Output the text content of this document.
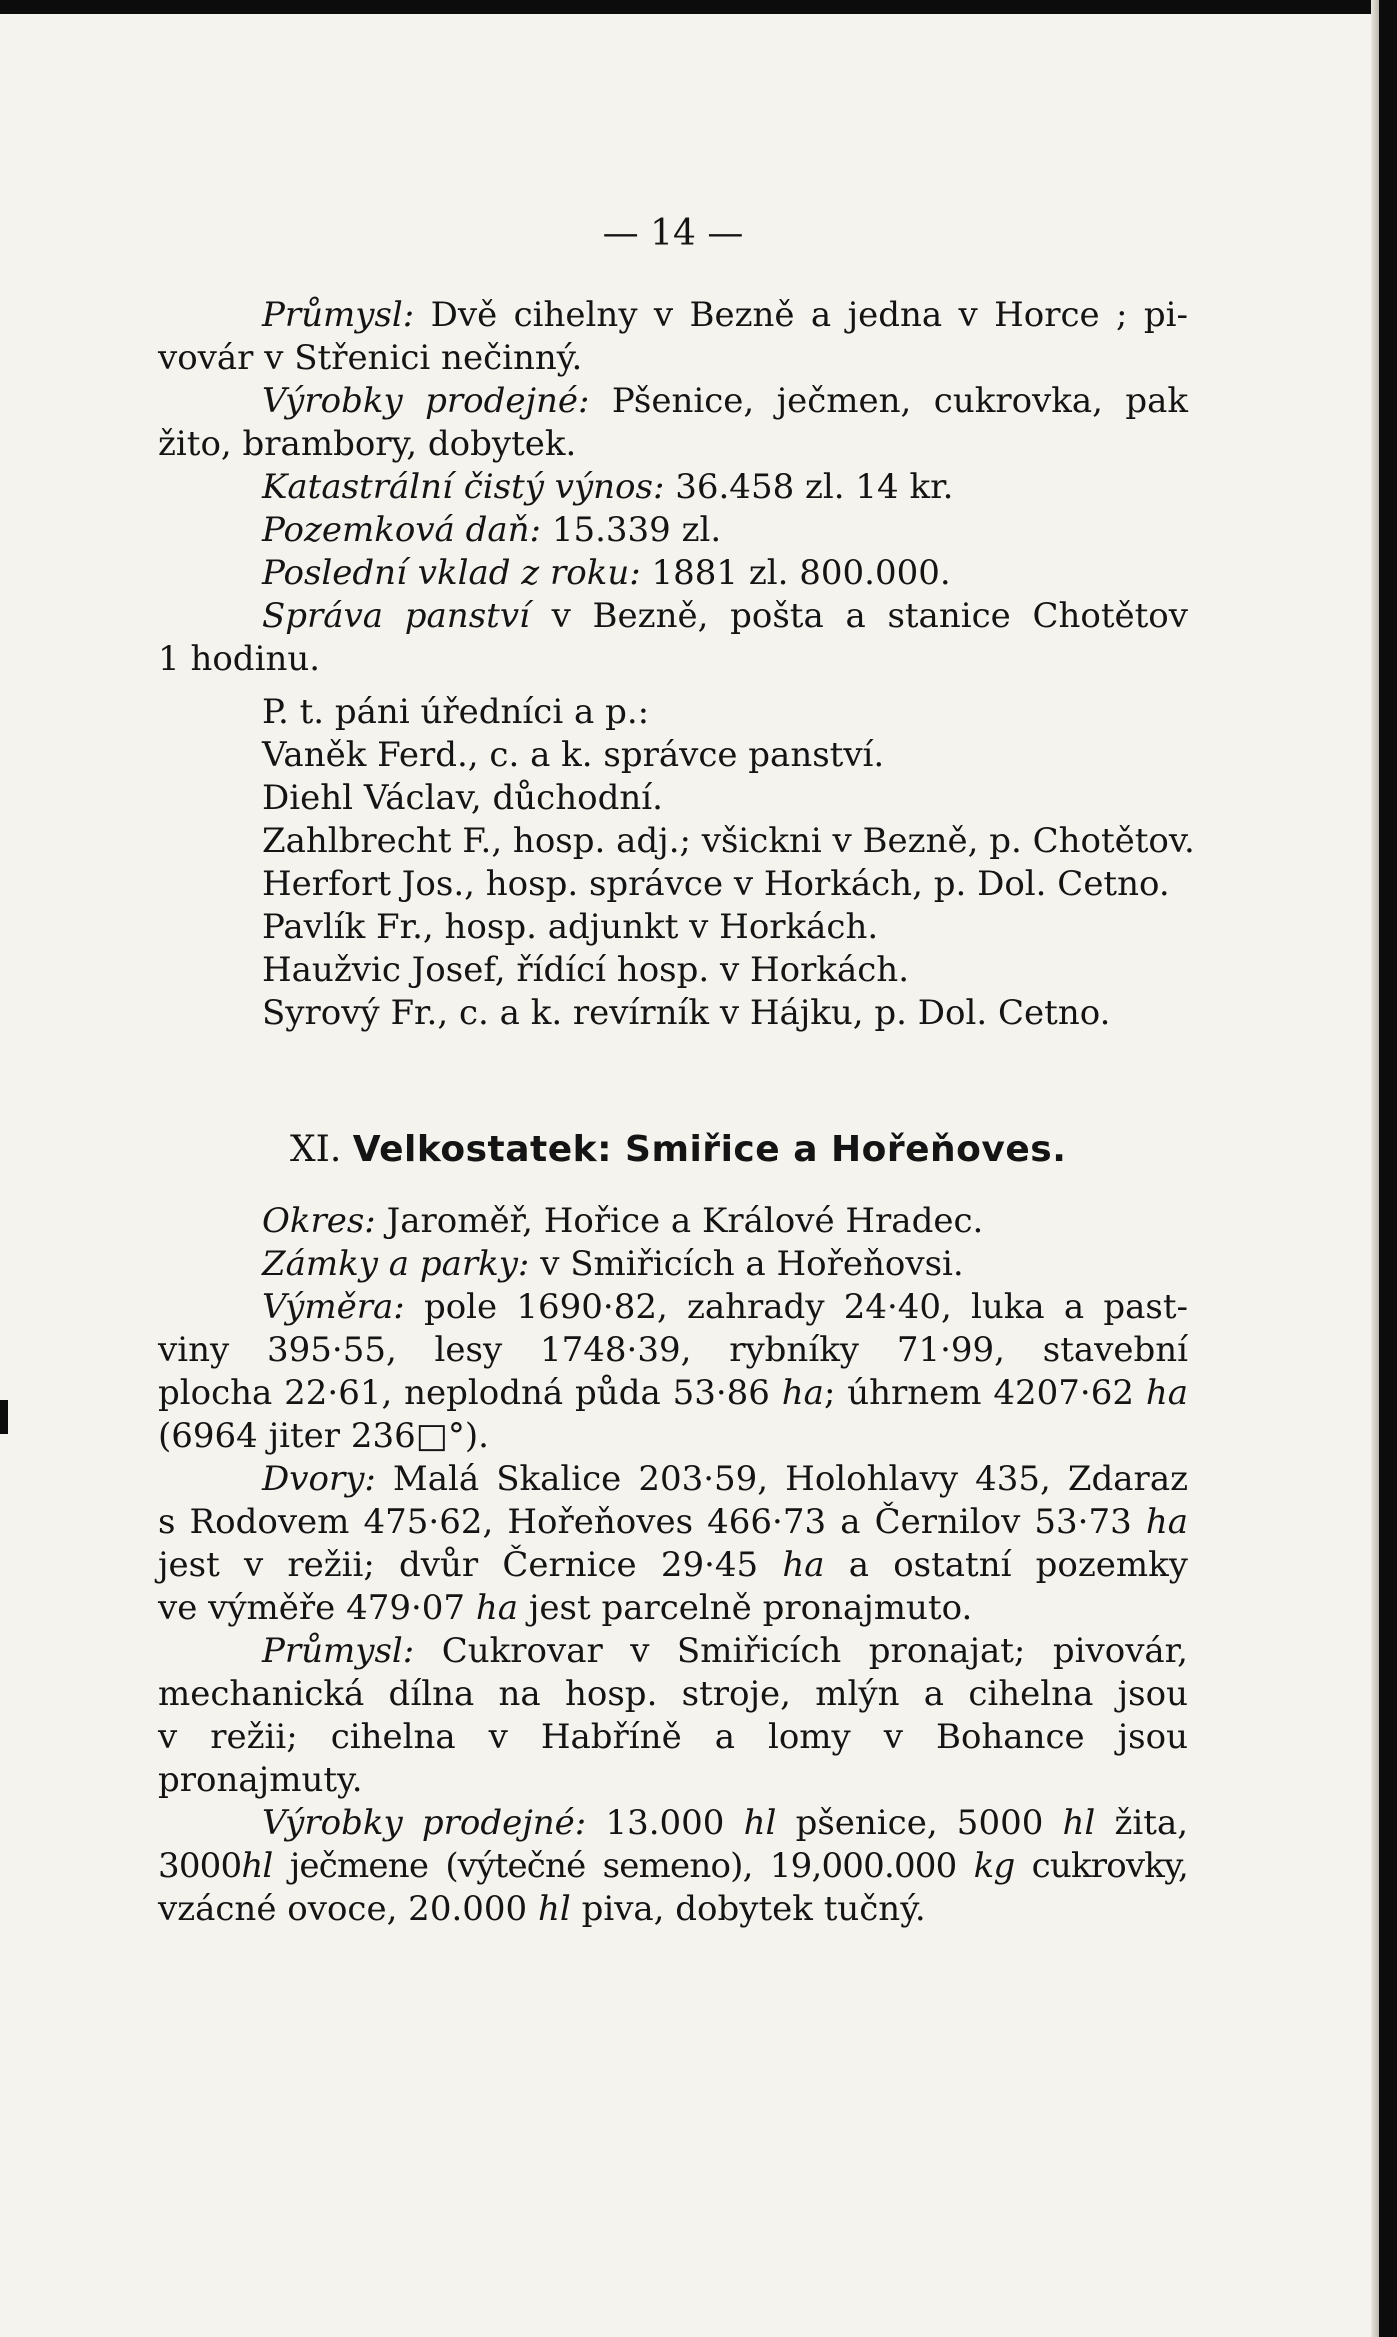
— 14 —
Průmysl: Dvě cihelny v Bezně a jedna v Horce ; pi-
vovár v Střenici nečinný.
Výrobky prodejné: Pšenice, ječmen, cukrovka, pak
žito, brambory, dobytek.
Katastrální čistý výnos: 36.458 zl. 14 kr.
Pozemková daň: 15.339 zl.
Poslední vklad z roku: 1881 zl. 800.000.
Správa panství v Bezně, pošta a stanice Chotětov
1 hodinu.
P. t. páni úředníci a p.:
Vaněk Ferd., c. a k. správce panství.
Diehl Václav, důchodní.
Zahlbrecht F., hosp. adj.; všickni v Bezně, p. Chotětov.
Herfort Jos., hosp. správce v Horkách, p. Dol. Cetno.
Pavlík Fr., hosp. adjunkt v Horkách.
Haužvic Josef, řídící hosp. v Horkách.
Syrový Fr., c. a k. revírník v Hájku, p. Dol. Cetno.
XI. Velkostatek: Smiřice a Hořeňoves.
Okres: Jaroměř, Hořice a Králové Hradec.
Zámky a parky: v Smiřicích a Hořeňovsi.
Výměra: pole 1690·82, zahrady 24·40, luka a past-
viny 395·55, lesy 1748·39, rybníky 71·99, stavební
plocha 22·61, neplodná půda 53·86 ha; úhrnem 4207·62 ha
(6964 jiter 236□°).
Dvory: Malá Skalice 203·59, Holohlavy 435, Zdaraz
s Rodovem 475·62, Hořeňoves 466·73 a Černilov 53·73 ha
jest v režii; dvůr Černice 29·45 ha a ostatní pozemky
ve výměře 479·07 ha jest parcelně pronajmuto.
Průmysl: Cukrovar v Smiřicích pronajat; pivovár,
mechanická dílna na hosp. stroje, mlýn a cihelna jsou
v režii; cihelna v Habříně a lomy v Bohance jsou
pronajmuty.
Výrobky prodejné: 13.000 hl pšenice, 5000 hl žita,
3000hl ječmene (výtečné semeno), 19,000.000 kg cukrovky,
vzácné ovoce, 20.000 hl piva, dobytek tučný.
